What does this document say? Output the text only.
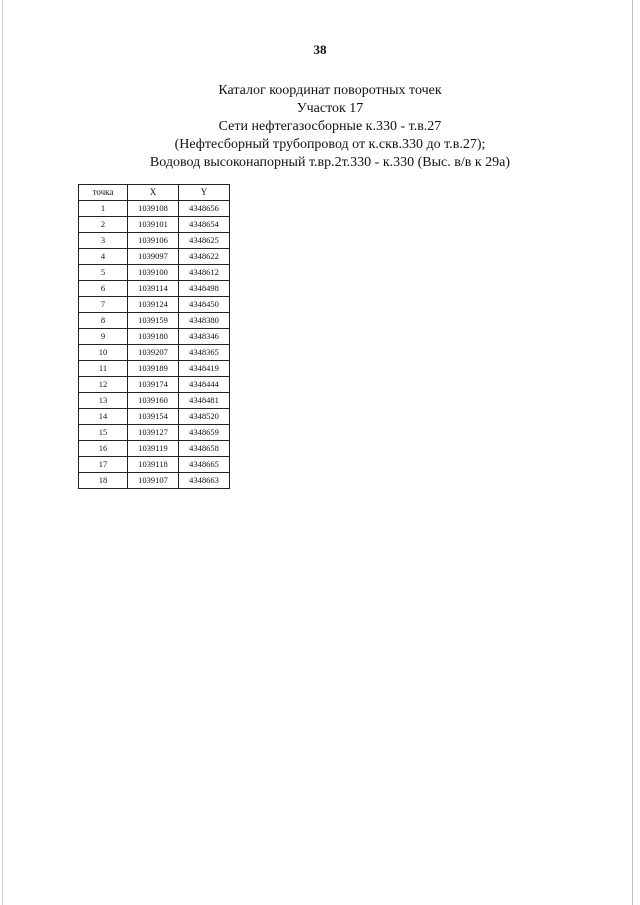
38
Каталог координат поворотных точек
Участок 17
Сети нефтегазосборные к.330 - т.в.27
(Нефтесборный трубопровод от к.скв.330 до т.в.27);
Водовод высоконапорный т.вр.2т.330 - к.330 (Выс. в/в к 29а)
точка	X	Y
1	1039108	4348656
2	1039101	4348654
3	1039106	4348625
4	1039097	4348622
5	1039100	4348612
6	1039114	4348498
7	1039124	4348450
8	1039159	4348380
9	1039180	4348346
10	1039207	4348365
11	1039189	4348419
12	1039174	4348444
13	1039160	4348481
14	1039154	4348520
15	1039127	4348659
16	1039119	4348658
17	1039118	4348665
18	1039107	4348663
